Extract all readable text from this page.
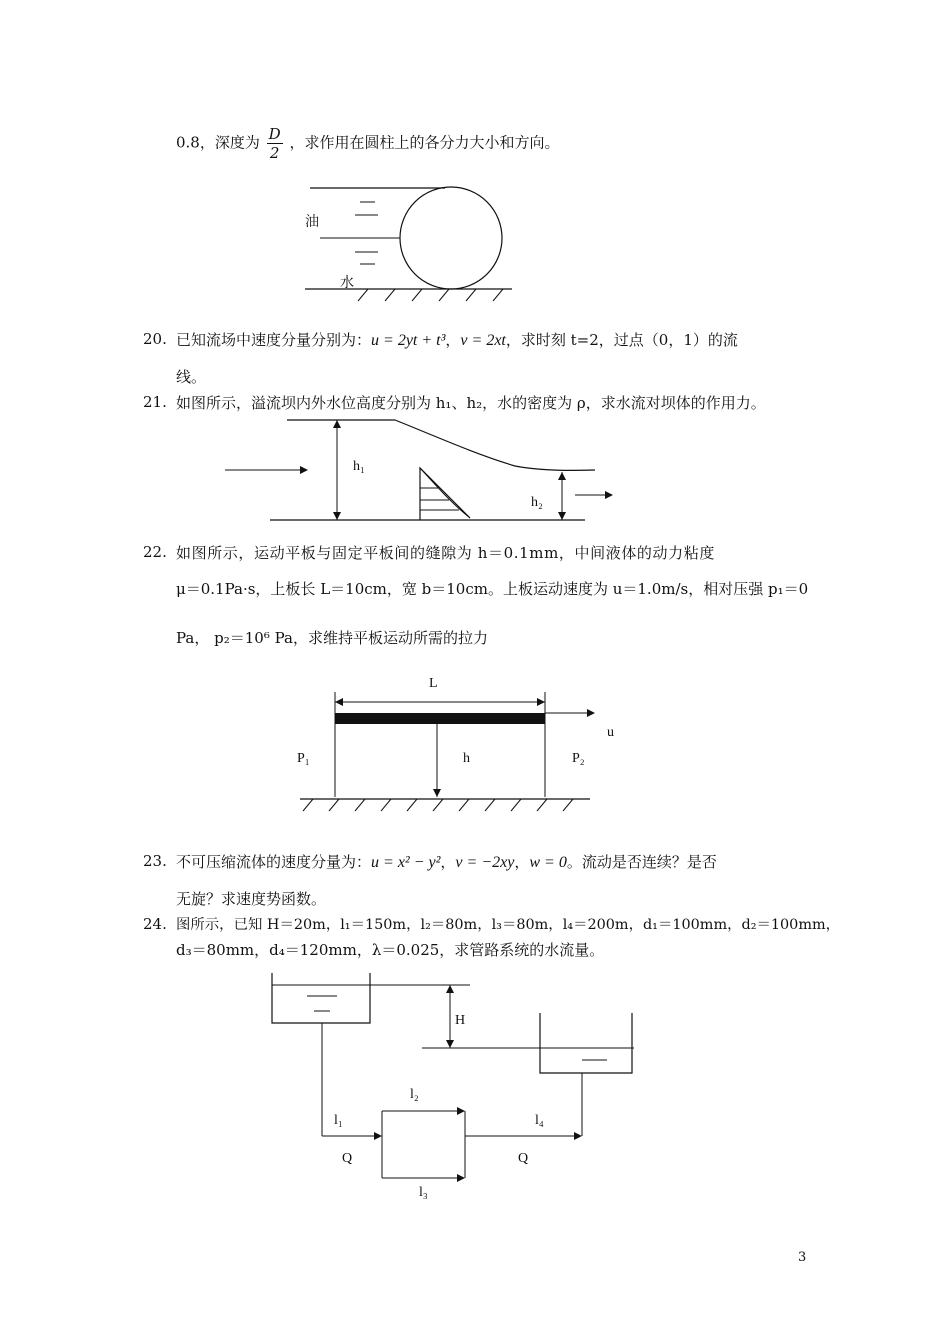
0.8，深度为 $\frac{D}{2}$ ，求作用在圆柱上的各分力大小和方向。
油
水
20. 已知流场中速度分量分别为：u = 2yt + t³，v = 2xt，求时刻 t=2，过点（0，1）的流
线。
21. 如图所示，溢流坝内外水位高度分别为 h₁、h₂，水的密度为 ρ，求水流对坝体的作用力。
h₁
h₂
22. 如图所示，运动平板与固定平板间的缝隙为 h＝0.1mm，中间液体的动力粘度
μ＝0.1Pa·s，上板长 L＝10cm，宽 b＝10cm。上板运动速度为 u＝1.0m/s，相对压强 p₁＝0
Pa， p₂＝10⁶ Pa，求维持平板运动所需的拉力
L
u
h
P₁	P₂
23. 不可压缩流体的速度分量为：u = x² − y²，v = −2xy，w = 0。流动是否连续？是否
无旋？求速度势函数。
24. 图所示，已知 H＝20m，l₁＝150m，l₂＝80m，l₃＝80m，l₄＝200m，d₁＝100mm，d₂＝100mm，
d₃＝80mm，d₄＝120mm，λ＝0.025，求管路系统的水流量。
H
l₁
Q
l₂
l₃
l₄
Q
3
